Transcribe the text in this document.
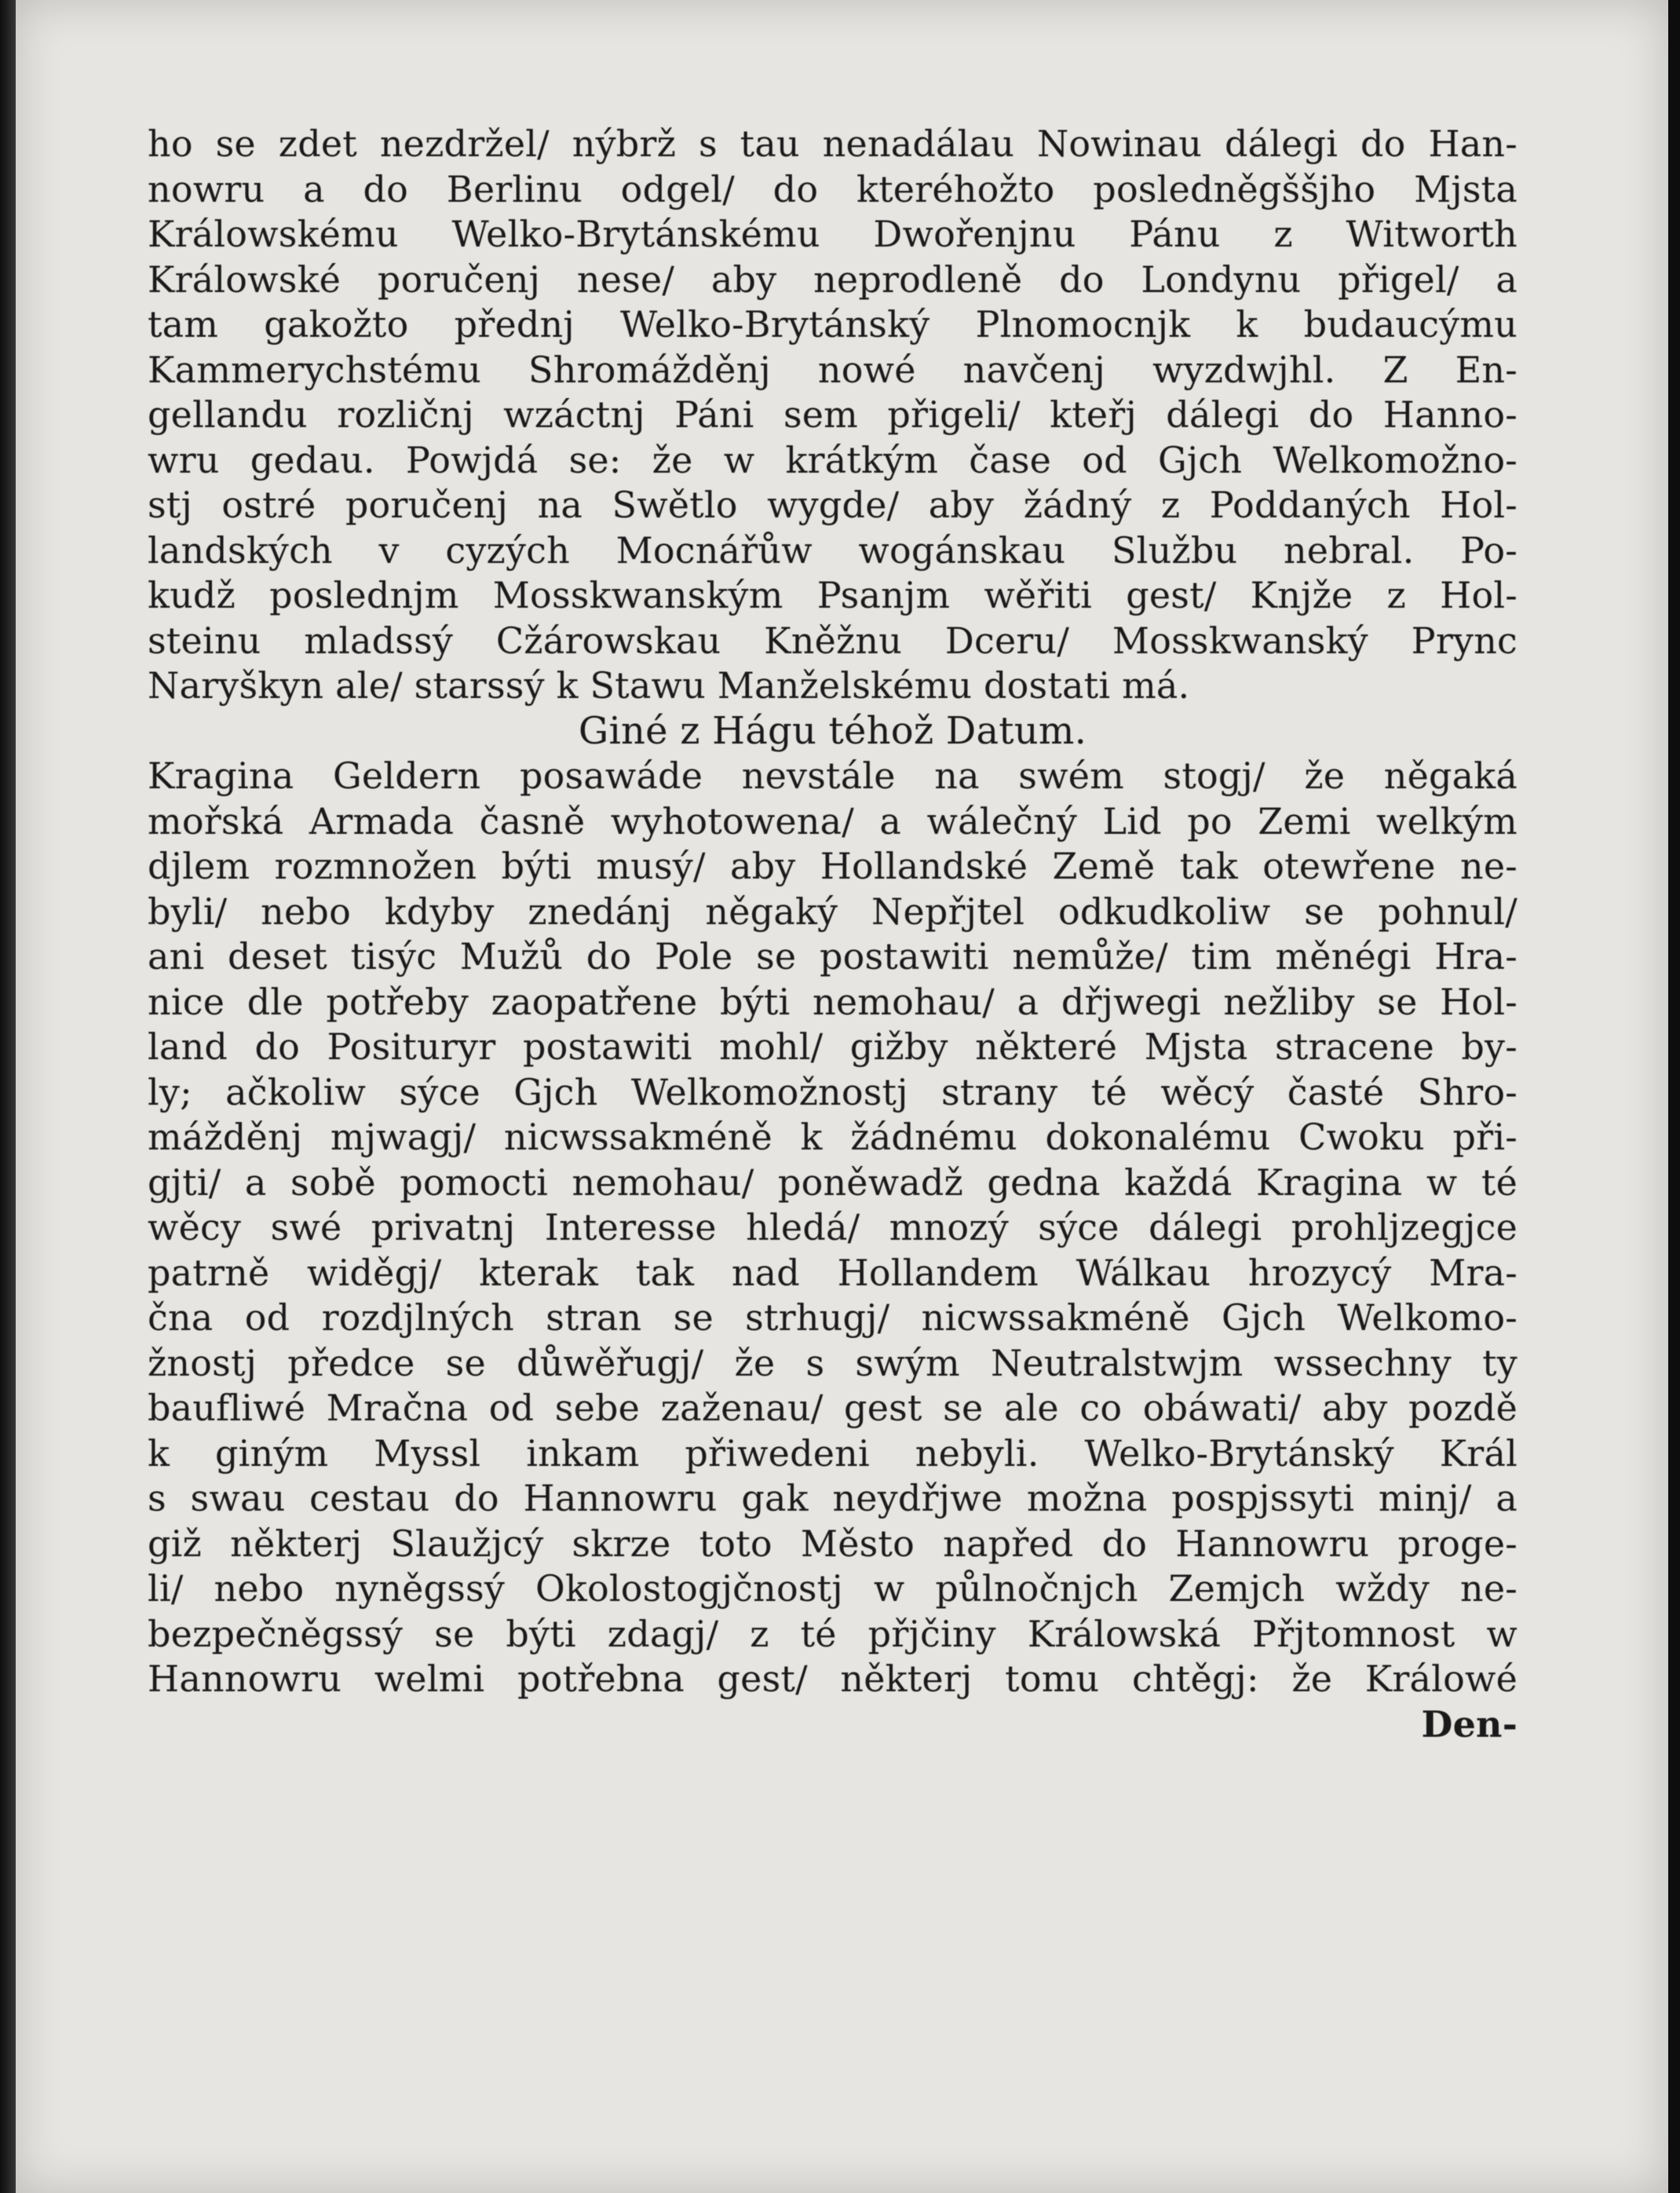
ho se zdet nezdržel/ nýbrž s tau nenadálau Nowinau dálegi do Han-
nowru a do Berlinu odgel/ do kteréhožto posledněgššjho Mjsta
Králowskému Welko-Brytánskému Dwořenjnu Pánu z Witworth
Králowské poručenj nese/ aby neprodleně do Londynu přigel/ a
tam gakožto přednj Welko-Brytánský Plnomocnjk k budaucýmu
Kammerychstému Shromážděnj nowé navčenj wyzdwjhl. Z En-
gellandu rozličnj wzáctnj Páni sem přigeli/ kteřj dálegi do Hanno-
wru gedau. Powjdá se: že w krátkým čase od Gjch Welkomožno-
stj ostré poručenj na Swětlo wygde/ aby žádný z Poddaných Hol-
landských v cyzých Mocnářůw wogánskau Službu nebral. Po-
kudž poslednjm Mosskwanským Psanjm wěřiti gest/ Knjže z Hol-
steinu mladssý Cžárowskau Kněžnu Dceru/ Mosskwanský Prync
Naryškyn ale/ starssý k Stawu Manželskému dostati má.
Giné z Hágu téhož Datum.
Kragina Geldern posawáde nevstále na swém stogj/ že něgaká
mořská Armada časně wyhotowena/ a wálečný Lid po Zemi welkým
djlem rozmnožen býti musý/ aby Hollandské Země tak otewřene ne-
byli/ nebo kdyby znedánj něgaký Nepřjtel odkudkoliw se pohnul/
ani deset tisýc Mužů do Pole se postawiti nemůže/ tim měnégi Hra-
nice dle potřeby zaopatřene býti nemohau/ a dřjwegi nežliby se Hol-
land do Posituryr postawiti mohl/ gižby některé Mjsta stracene by-
ly; ačkoliw sýce Gjch Welkomožnostj strany té wěcý časté Shro-
mážděnj mjwagj/ nicwssakméně k žádnému dokonalému Cwoku při-
gjti/ a sobě pomocti nemohau/ poněwadž gedna každá Kragina w té
wěcy swé privatnj Interesse hledá/ mnozý sýce dálegi prohljzegjce
patrně widěgj/ kterak tak nad Hollandem Wálkau hrozycý Mra-
čna od rozdjlných stran se strhugj/ nicwssakméně Gjch Welkomo-
žnostj předce se důwěřugj/ že s swým Neutralstwjm wssechny ty
baufliwé Mračna od sebe zaženau/ gest se ale co obáwati/ aby pozdě
k giným Myssl inkam přiwedeni nebyli. Welko-Brytánský Král
s swau cestau do Hannowru gak neydřjwe možna pospjssyti minj/ a
giž některj Slaužjcý skrze toto Město napřed do Hannowru proge-
li/ nebo nyněgssý Okolostogjčnostj w půlnočnjch Zemjch wždy ne-
bezpečněgssý se býti zdagj/ z té přjčiny Králowská Přjtomnost w
Hannowru welmi potřebna gest/ některj tomu chtěgj: že Králowé
Den-
